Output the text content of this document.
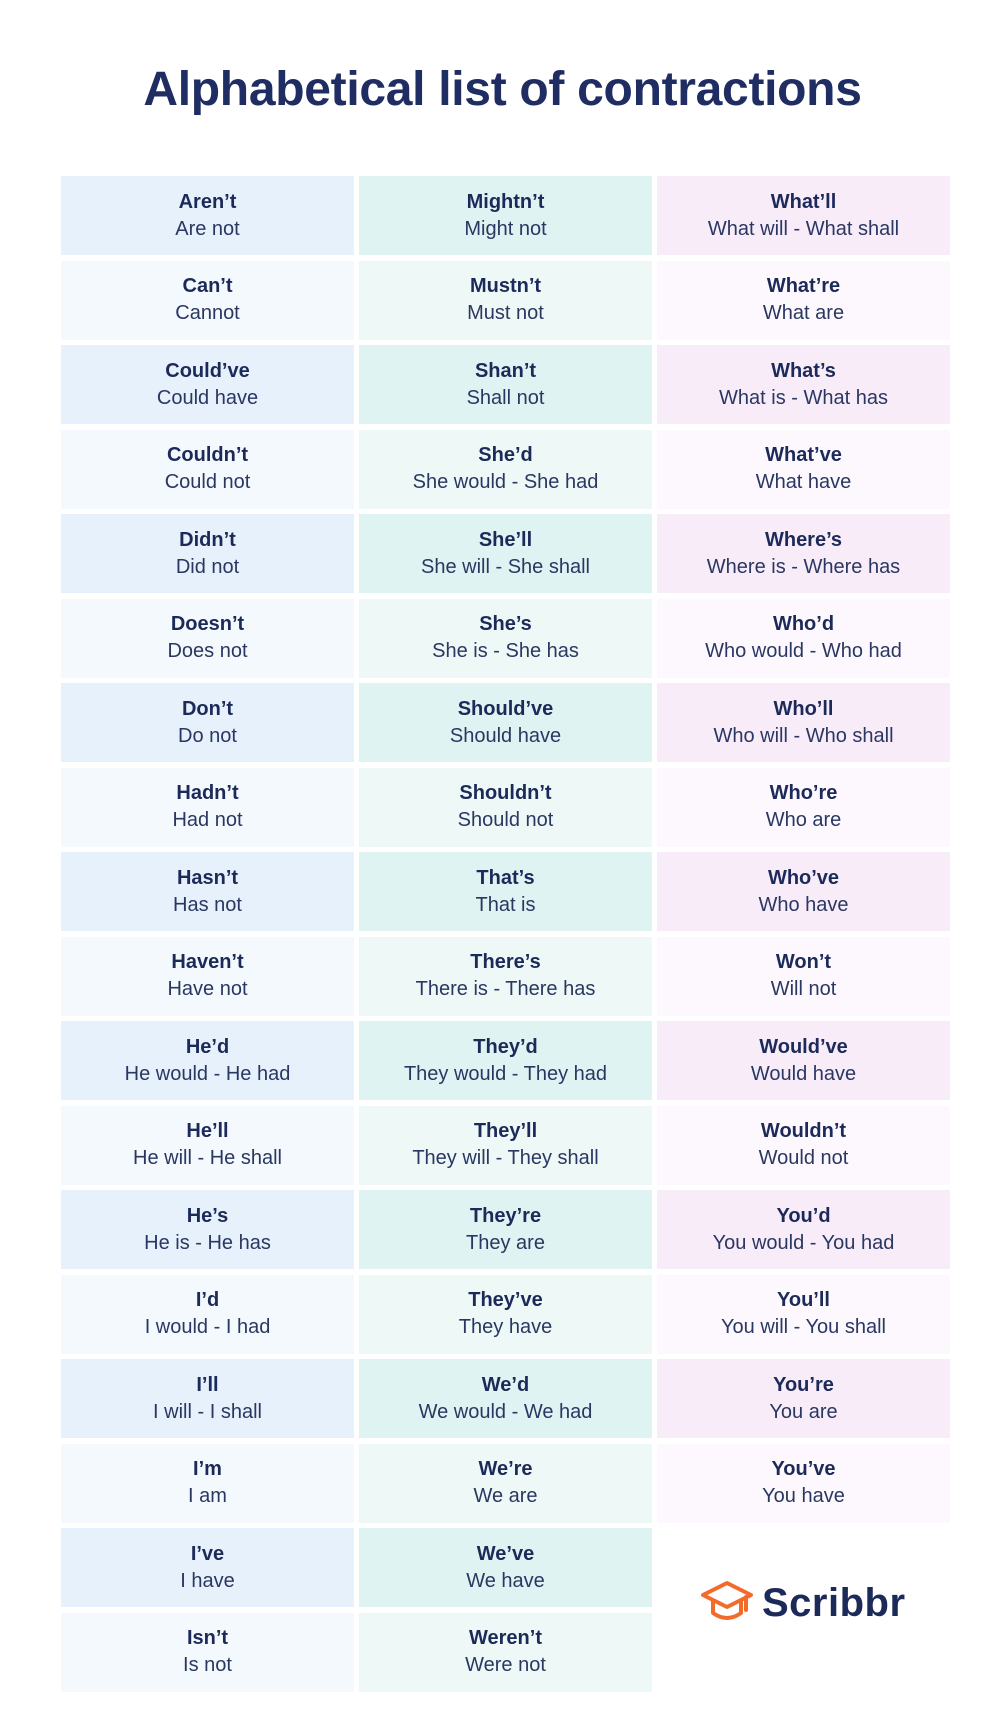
Alphabetical list of contractions
Aren’t
Are not
Can’t
Cannot
Could’ve
Could have
Couldn’t
Could not
Didn’t
Did not
Doesn’t
Does not
Don’t
Do not
Hadn’t
Had not
Hasn’t
Has not
Haven’t
Have not
He’d
He would - He had
He’ll
He will - He shall
He’s
He is - He has
I’d
I would - I had
I’ll
I will - I shall
I’m
I am
I’ve
I have
Isn’t
Is not
Mightn’t
Might not
Mustn’t
Must not
Shan’t
Shall not
She’d
She would - She had
She’ll
She will - She shall
She’s
She is - She has
Should’ve
Should have
Shouldn’t
Should not
That’s
That is
There’s
There is - There has
They’d
They would - They had
They’ll
They will - They shall
They’re
They are
They’ve
They have
We’d
We would - We had
We’re
We are
We’ve
We have
Weren’t
Were not
What’ll
What will - What shall
What’re
What are
What’s
What is - What has
What’ve
What have
Where’s
Where is - Where has
Who’d
Who would - Who had
Who’ll
Who will - Who shall
Who’re
Who are
Who’ve
Who have
Won’t
Will not
Would’ve
Would have
Wouldn’t
Would not
You’d
You would - You had
You’ll
You will - You shall
You’re
You are
You’ve
You have
Scribbr
